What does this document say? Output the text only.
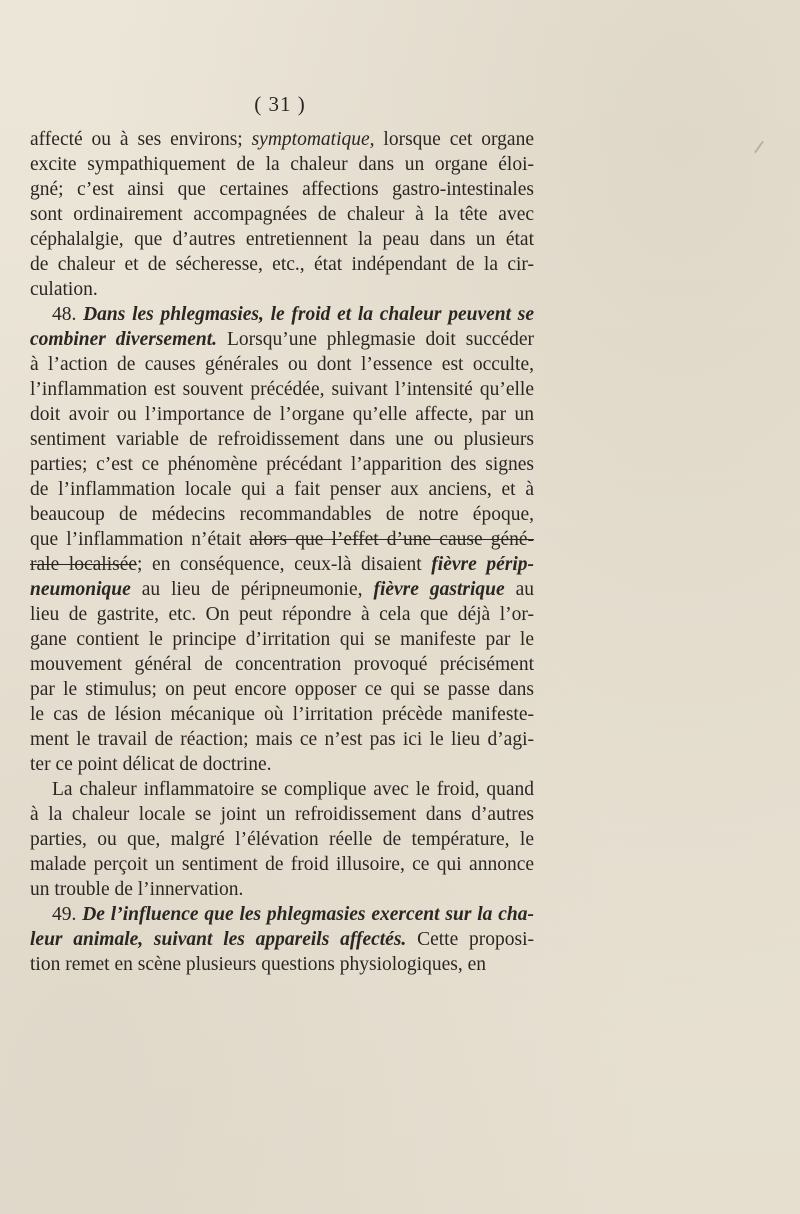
( 31 )
affecté ou à ses environs; symptomatique, lorsque cet organe
excite sympathiquement de la chaleur dans un organe éloi-
gné; c’est ainsi que certaines affections gastro-intestinales
sont ordinairement accompagnées de chaleur à la tête avec
céphalalgie, que d’autres entretiennent la peau dans un état
de chaleur et de sécheresse, etc., état indépendant de la cir-
culation.
48. Dans les phlegmasies, le froid et la chaleur peuvent se
combiner diversement. Lorsqu’une phlegmasie doit succéder
à l’action de causes générales ou dont l’essence est occulte,
l’inflammation est souvent précédée, suivant l’intensité qu’elle
doit avoir ou l’importance de l’organe qu’elle affecte, par un
sentiment variable de refroidissement dans une ou plusieurs
parties; c’est ce phénomène précédant l’apparition des signes
de l’inflammation locale qui a fait penser aux anciens, et à
beaucoup de médecins recommandables de notre époque,
que l’inflammation n’était alors que l’effet d’une cause géné-
rale localisée; en conséquence, ceux-là disaient fièvre périp-
neumonique au lieu de péripneumonie, fièvre gastrique au
lieu de gastrite, etc. On peut répondre à cela que déjà l’or-
gane contient le principe d’irritation qui se manifeste par le
mouvement général de concentration provoqué précisément
par le stimulus; on peut encore opposer ce qui se passe dans
le cas de lésion mécanique où l’irritation précède manifeste-
ment le travail de réaction; mais ce n’est pas ici le lieu d’agi-
ter ce point délicat de doctrine.
La chaleur inflammatoire se complique avec le froid, quand
à la chaleur locale se joint un refroidissement dans d’autres
parties, ou que, malgré l’élévation réelle de température, le
malade perçoit un sentiment de froid illusoire, ce qui annonce
un trouble de l’innervation.
49. De l’influence que les phlegmasies exercent sur la cha-
leur animale, suivant les appareils affectés. Cette proposi-
tion remet en scène plusieurs questions physiologiques, en
